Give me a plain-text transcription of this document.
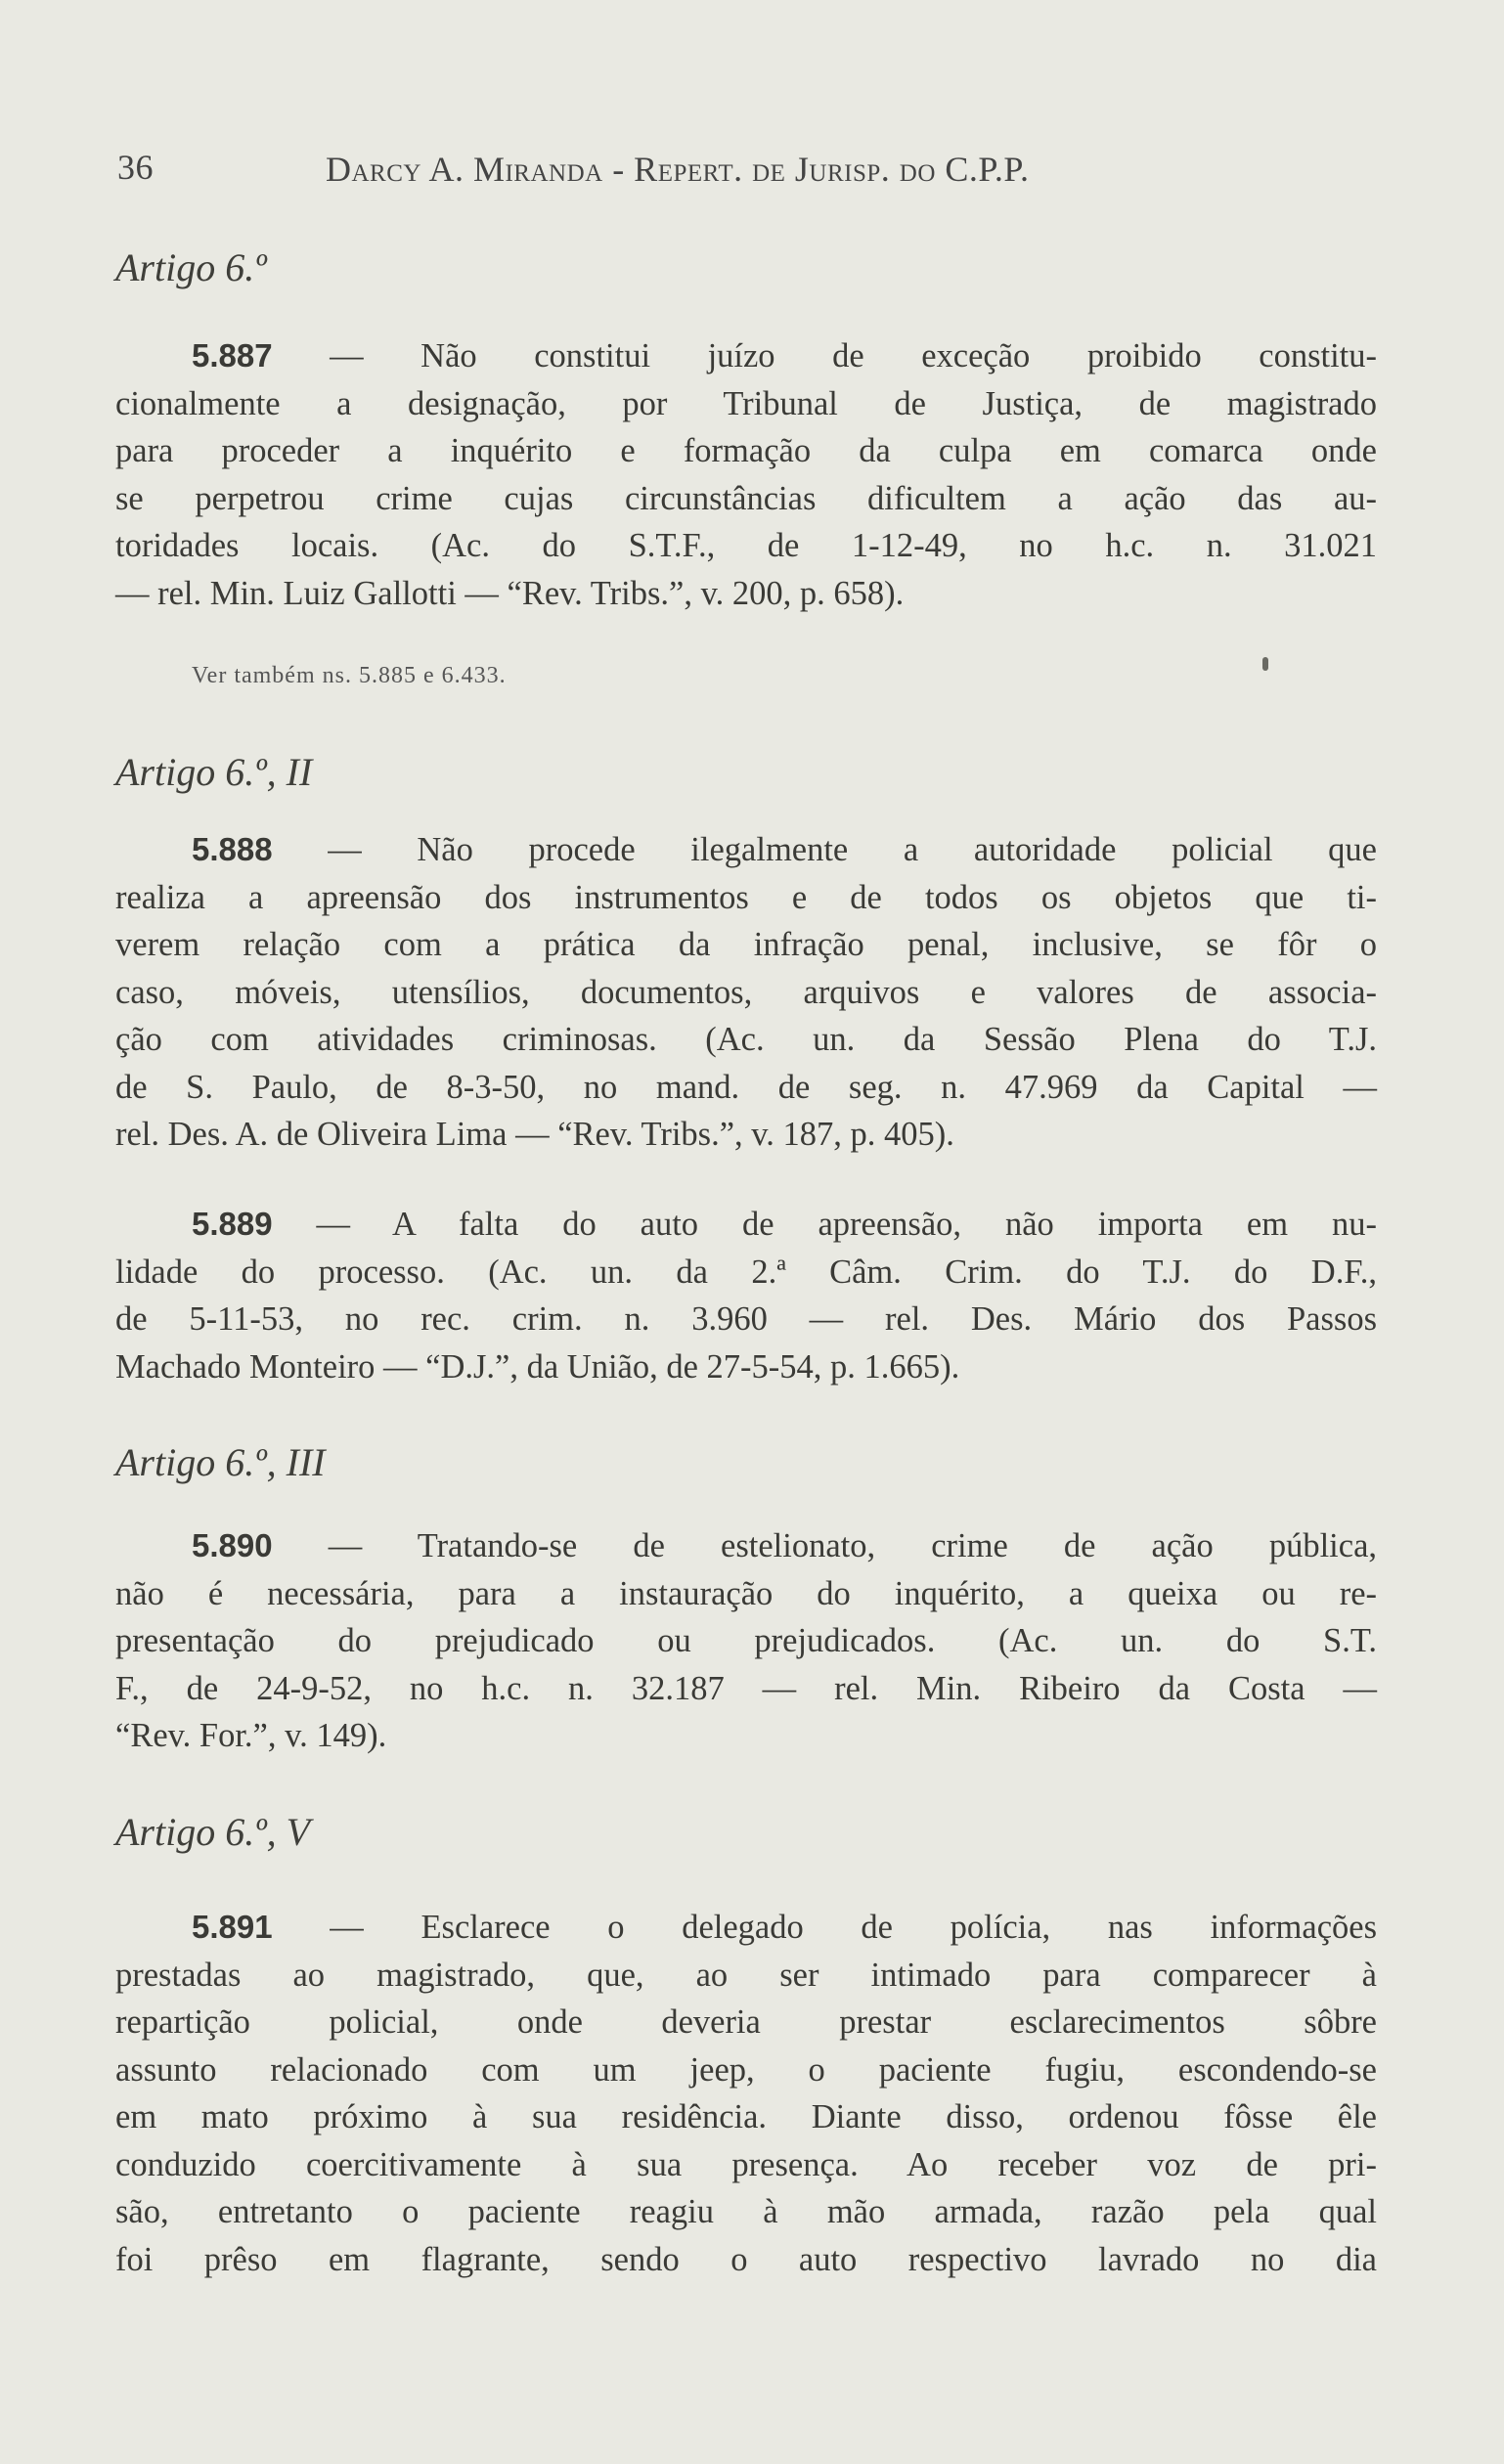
36	Darcy A. Miranda - Repert. de Jurisp. do C.P.P.
Artigo 6.º
5.887 — Não constitui juízo de exceção proibido constitu-
cionalmente a designação, por Tribunal de Justiça, de magistrado
para proceder a inquérito e formação da culpa em comarca onde
se perpetrou crime cujas circunstâncias dificultem a ação das au-
toridades locais. (Ac. do S.T.F., de 1-12-49, no h.c. n. 31.021
— rel. Min. Luiz Gallotti — “Rev. Tribs.”, v. 200, p. 658).
Ver também ns. 5.885 e 6.433.
Artigo 6.º, II
5.888 — Não procede ilegalmente a autoridade policial que
realiza a apreensão dos instrumentos e de todos os objetos que ti-
verem relação com a prática da infração penal, inclusive, se fôr o
caso, móveis, utensílios, documentos, arquivos e valores de associa-
ção com atividades criminosas. (Ac. un. da Sessão Plena do T.J.
de S. Paulo, de 8-3-50, no mand. de seg. n. 47.969 da Capital —
rel. Des. A. de Oliveira Lima — “Rev. Tribs.”, v. 187, p. 405).
5.889 — A falta do auto de apreensão, não importa em nu-
lidade do processo. (Ac. un. da 2.ª Câm. Crim. do T.J. do D.F.,
de 5-11-53, no rec. crim. n. 3.960 — rel. Des. Mário dos Passos
Machado Monteiro — “D.J.”, da União, de 27-5-54, p. 1.665).
Artigo 6.º, III
5.890 — Tratando-se de estelionato, crime de ação pública,
não é necessária, para a instauração do inquérito, a queixa ou re-
presentação do prejudicado ou prejudicados. (Ac. un. do S.T.
F., de 24-9-52, no h.c. n. 32.187 — rel. Min. Ribeiro da Costa —
“Rev. For.”, v. 149).
Artigo 6.º, V
5.891 — Esclarece o delegado de polícia, nas informações
prestadas ao magistrado, que, ao ser intimado para comparecer à
repartição policial, onde deveria prestar esclarecimentos sôbre
assunto relacionado com um jeep, o paciente fugiu, escondendo-se
em mato próximo à sua residência. Diante disso, ordenou fôsse êle
conduzido coercitivamente à sua presença. Ao receber voz de pri-
são, entretanto o paciente reagiu à mão armada, razão pela qual
foi prêso em flagrante, sendo o auto respectivo lavrado no dia
